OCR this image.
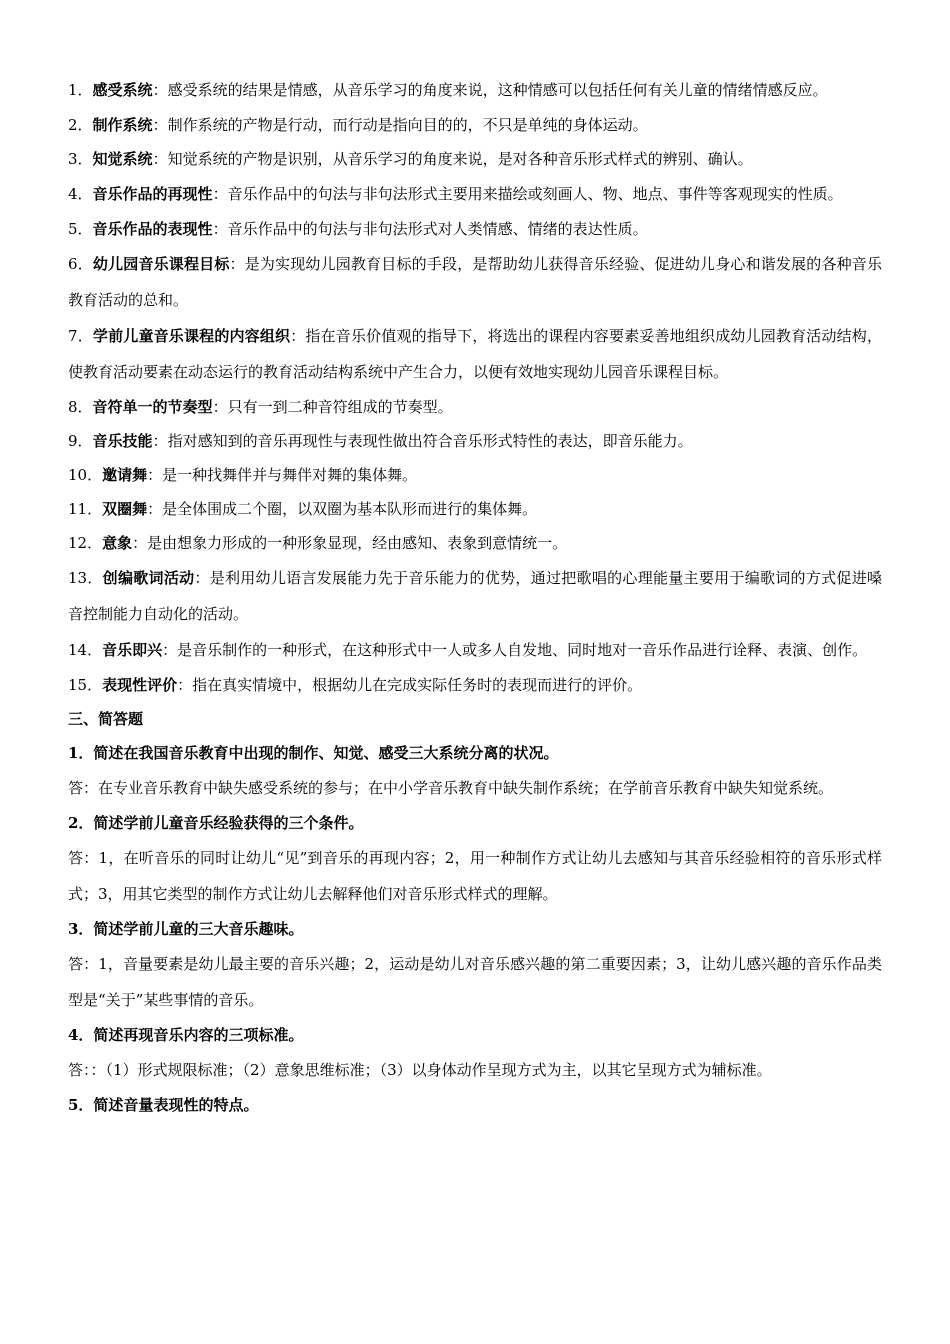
1．感受系统：感受系统的结果是情感，从音乐学习的角度来说，这种情感可以包括任何有关儿童的情绪情感反应。

2．制作系统：制作系统的产物是行动，而行动是指向目的的，不只是单纯的身体运动。

3．知觉系统：知觉系统的产物是识别，从音乐学习的角度来说，是对各种音乐形式样式的辨别、确认。

4．音乐作品的再现性：音乐作品中的句法与非句法形式主要用来描绘或刻画人、物、地点、事件等客观现实的性质。

5．音乐作品的表现性：音乐作品中的句法与非句法形式对人类情感、情绪的表达性质。

6．幼儿园音乐课程目标：是为实现幼儿园教育目标的手段，是帮助幼儿获得音乐经验、促进幼儿身心和谐发展的各种音乐教育活动的总和。

7．学前儿童音乐课程的内容组织：指在音乐价值观的指导下，将选出的课程内容要素妥善地组织成幼儿园教育活动结构，使教育活动要素在动态运行的教育活动结构系统中产生合力，以便有效地实现幼儿园音乐课程目标。

8．音符单一的节奏型：只有一到二种音符组成的节奏型。

9．音乐技能：指对感知到的音乐再现性与表现性做出符合音乐形式特性的表达，即音乐能力。

10．邀请舞：是一种找舞伴并与舞伴对舞的集体舞。

11．双圈舞：是全体围成二个圈，以双圈为基本队形而进行的集体舞。

12．意象：是由想象力形成的一种形象显现，经由感知、表象到意情统一。

13．创编歌词活动：是利用幼儿语言发展能力先于音乐能力的优势，通过把歌唱的心理能量主要用于编歌词的方式促进嗓音控制能力自动化的活动。

14．音乐即兴：是音乐制作的一种形式，在这种形式中一人或多人自发地、同时地对一音乐作品进行诠释、表演、创作。

15．表现性评价：指在真实情境中，根据幼儿在完成实际任务时的表现而进行的评价。

三、简答题

1．简述在我国音乐教育中出现的制作、知觉、感受三大系统分离的状况。

答：在专业音乐教育中缺失感受系统的参与；在中小学音乐教育中缺失制作系统；在学前音乐教育中缺失知觉系统。

2．简述学前儿童音乐经验获得的三个条件。

答：1，在听音乐的同时让幼儿“见”到音乐的再现内容；2，用一种制作方式让幼儿去感知与其音乐经验相符的音乐形式样式；3，用其它类型的制作方式让幼儿去解释他们对音乐形式样式的理解。

3．简述学前儿童的三大音乐趣味。

答：1，音量要素是幼儿最主要的音乐兴趣；2，运动是幼儿对音乐感兴趣的第二重要因素；3，让幼儿感兴趣的音乐作品类型是“关于”某些事情的音乐。

4．简述再现音乐内容的三项标准。

答：：（1）形式规限标准；（2）意象思维标准；（3）以身体动作呈现方式为主，以其它呈现方式为辅标准。

5．简述音量表现性的特点。
